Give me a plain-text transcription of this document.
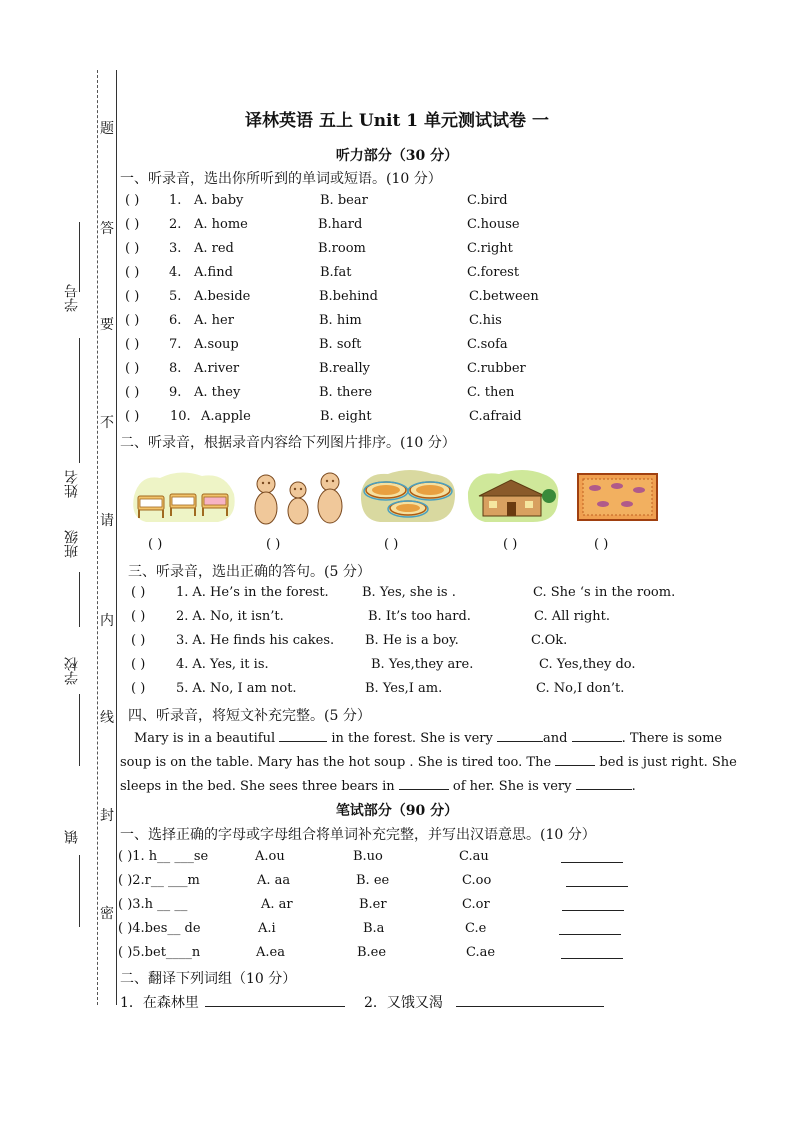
题
答
要
不
请
内
线
封
密
学号
姓名
班级
学校
镇
译林英语 五上 Unit 1 单元测试试卷 一
听力部分（30 分）
一、听录音，选出你所听到的单词或短语。(10 分）
( ) 1. A. baby	B. bear	C.bird
( ) 2. A. home	B.hard	C.house
( ) 3. A. red	B.room	C.right
( ) 4. A.find	B.fat	C.forest
( ) 5. A.beside	B.behind	C.between
( ) 6. A. her	B. him	C.his
( ) 7. A.soup	B. soft	C.sofa
( ) 8. A.river	B.really	C.rubber
( ) 9. A. they	B. there	C. then
( ) 10. A.apple	B. eight	C.afraid
二、听录音，根据录音内容给下列图片排序。(10 分）
( )	( )	( )	( )	( )
三、听录音，选出正确的答句。(5 分）
( ) 1. A. He’s in the forest.	B. Yes, she is .	C. She ‘s in the room.
( ) 2. A. No, it isn’t.	B. It’s too hard.	C. All right.
( ) 3. A. He finds his cakes. B. He is a boy.	C.Ok.
( ) 4. A. Yes, it is.	B. Yes,they are.	C. Yes,they do.
( ) 5. A. No, I am not.	B. Yes,I am.	C. No,I don’t.
四、听录音，将短文补充完整。(5 分）
Mary is in a beautiful	in the forest. She is very	and	. There is some
soup is on the table. Mary has the hot soup . She is tired too. The	bed is just right. She
sleeps in the bed. She sees three bears in	of her. She is very	.
笔试部分（90 分）
一、选择正确的字母或字母组合将单词补充完整，并写出汉语意思。(10 分）
( )1. h__ ___se	A.ou	B.uo	C.au
( )2.r__ ___m	A. aa	B. ee	C.oo
( )3.h __ __	A. ar	B.er	C.or
( )4.bes__ de	A.i	B.a	C.e
( )5.bet____n	A.ea	B.ee	C.ae
二、翻译下列词组（10 分）
1．在森林里	2．又饿又渴
